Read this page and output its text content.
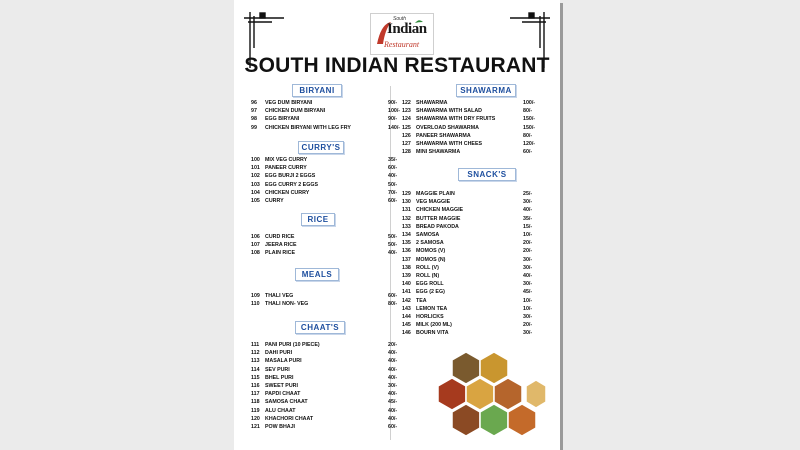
South
Indian
Restaurant
SOUTH INDIAN RESTAURANT
BIRYANI
96	VEG DUM BIRYANI	90/-
97	CHICKEN DUM BIRYANI	100/-
98	EGG BIRYANI	90/-
99	CHICKEN BIRYANI WITH LEG FRY	140/-
CURRY'S
100 MIX VEG CURRY	35/-
101 PANEER CURRY	60/-
102 EGG BURJI 2 EGGS	40/-
103 EGG CURRY 2 EGGS	50/-
104 CHICKEN CURRY	70/-
105 CURRY	60/-
RICE
106 CURD RICE	50/-
107 JEERA RICE	50/-
108 PLAIN RICE	40/-
MEALS
109 THALI VEG	60/-
110	THALI NON- VEG	80/-
CHAAT'S
111	PANI PURI (10 PIECE)	20/-
112	DAHI PURI	40/-
113	MASALA PURI	40/-
114	SEV PURI	40/-
115	BHEL PURI	40/-
116	SWEET PURI	30/-
117	PAPDI CHAAT	40/-
118	SAMOSA CHAAT	45/-
119	ALU CHAAT	40/-
120 KHACHORI CHAAT	40/-
121 POW BHAJI	60/-
SHAWARMA
122 SHAWARMA	100/-
123 SHAWARMA WITH SALAD	80/-
124 SHAWARMA WITH DRY FRUITS	150/-
125 OVERLOAD SHAWARMA	150/-
126 PANEER SHAWARMA	80/-
127 SHAWARMA WITH CHEES	120/-
128 MINI SHAWARMA	60/-
SNACK'S
129 MAGGIE PLAIN	25/-
130 VEG MAGGIE	30/-
131 CHICKEN MAGGIE	40/-
132 BUTTER MAGGIE	35/-
133 BREAD PAKODA	15/-
134 SAMOSA	10/-
135 2 SAMOSA	20/-
136 MOMOS (V)	20/-
137 MOMOS (N)	30/-
138 ROLL (V)	30/-
139 ROLL (N)	40/-
140 EGG ROLL	30/-
141 EGG (2 EG)	45/-
142 TEA	10/-
143 LEMON TEA	10/-
144 HORLICKS	30/-
145 MILK (200 ML)	20/-
146 BOURN VITA	30/-
